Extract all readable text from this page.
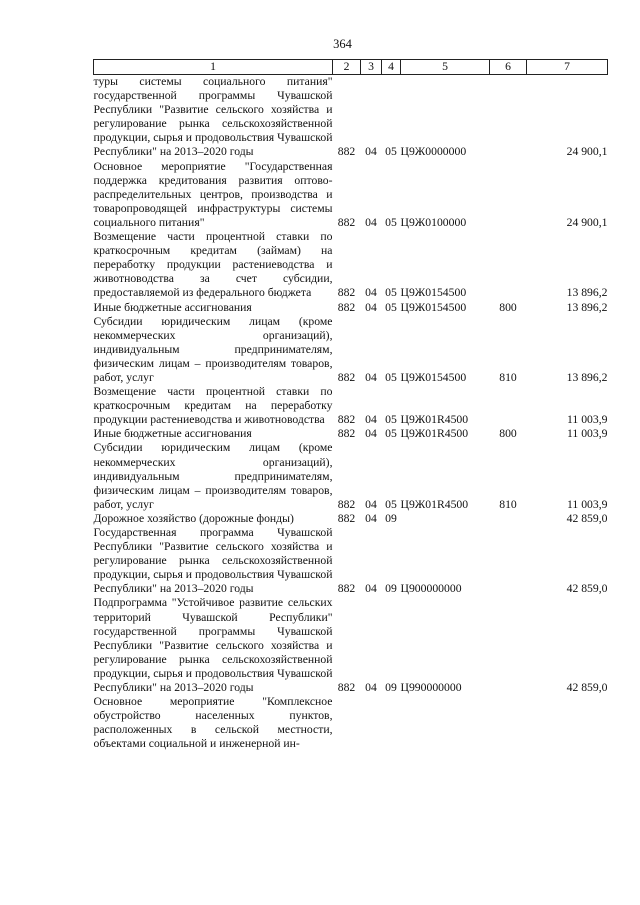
364
1	2	3	4	5	6	7
туры системы социального питания" государственной программы Чувашской Республики "Развитие сельского хозяйства и регулирование рынка сельскохозяйственной продукции, сырья и продовольствия Чувашской Республики" на 2013–2020 годы	882	04	05	Ц9Ж0000000		24 900,1
Основное мероприятие "Государственная поддержка кредитования развития оптово-распределительных центров, производства и товаропроводящей инфраструктуры системы социального питания"	882	04	05	Ц9Ж0100000		24 900,1
Возмещение части процентной ставки по краткосрочным кредитам (займам) на переработку продукции растениеводства и животноводства за счет субсидии, предоставляемой из федерального бюджета	882	04	05	Ц9Ж0154500		13 896,2
Иные бюджетные ассигнования	882	04	05	Ц9Ж0154500	800	13 896,2
Субсидии юридическим лицам (кроме некоммерческих организаций), индивидуальным предпринимателям, физическим лицам – производителям товаров, работ, услуг	882	04	05	Ц9Ж0154500	810	13 896,2
Возмещение части процентной ставки по краткосрочным кредитам на переработку продукции растениеводства и животноводства	882	04	05	Ц9Ж01R4500		11 003,9
Иные бюджетные ассигнования	882	04	05	Ц9Ж01R4500	800	11 003,9
Субсидии юридическим лицам (кроме некоммерческих организаций), индивидуальным предпринимателям, физическим лицам – производителям товаров, работ, услуг	882	04	05	Ц9Ж01R4500	810	11 003,9
Дорожное хозяйство (дорожные фонды)	882	04	09			42 859,0
Государственная программа Чувашской Республики "Развитие сельского хозяйства и регулирование рынка сельскохозяйственной продукции, сырья и продовольствия Чувашской Республики" на 2013–2020 годы	882	04	09	Ц900000000		42 859,0
Подпрограмма "Устойчивое развитие сельских территорий Чувашской Республики" государственной программы Чувашской Республики "Развитие сельского хозяйства и регулирование рынка сельскохозяйственной продукции, сырья и продовольствия Чувашской Республики" на 2013–2020 годы	882	04	09	Ц990000000		42 859,0
Основное мероприятие "Комплексное обустройство населенных пунктов, расположенных в сельской местности, объектами социальной и инженерной ин-						
